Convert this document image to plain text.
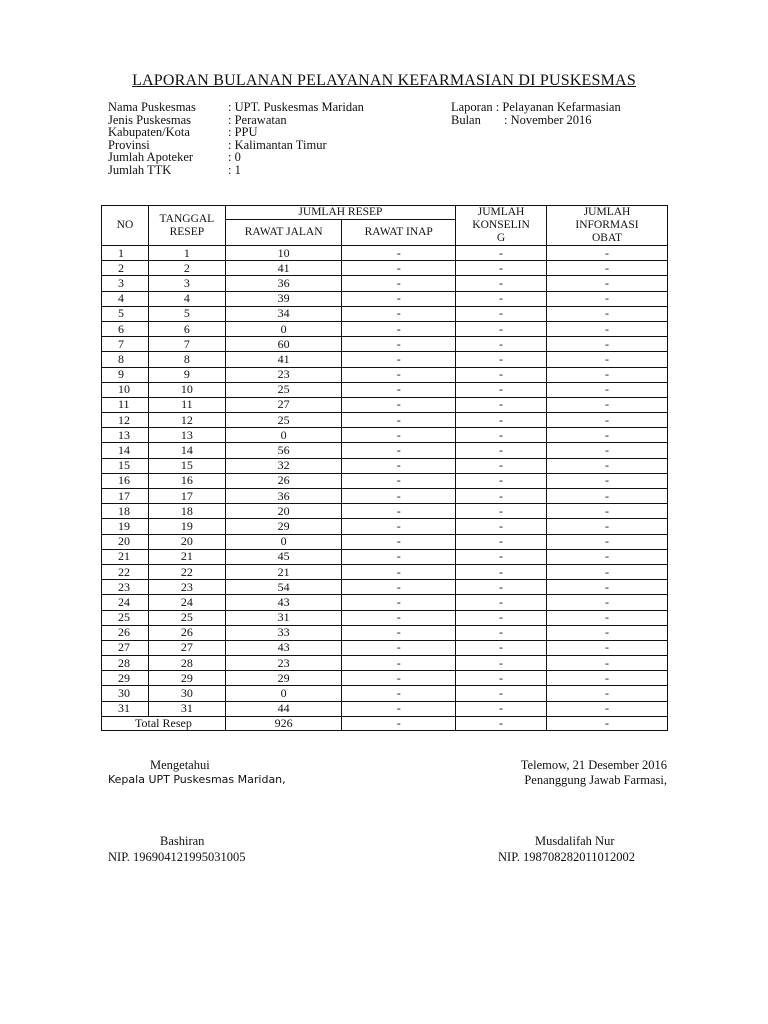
LAPORAN BULANAN PELAYANAN KEFARMASIAN DI PUSKESMAS
Nama Puskesmas	: UPT. Puskesmas Maridan
Jenis Puskesmas	: Perawatan
Kabupaten/Kota	: PPU
Provinsi	: Kalimantan Timur
Jumlah Apoteker	: 0
Jumlah TTK	: 1
Laporan : Pelayanan Kefarmasian
Bulan : November 2016
NO	TANGGAL RESEP	JUMLAH RESEP		JUMLAH KONSELIN G	JUMLAH INFORMASI OBAT
		RAWAT JALAN	RAWAT INAP		
1	1	10	-	-	-
2	2	41	-	-	-
3	3	36	-	-	-
4	4	39	-	-	-
5	5	34	-	-	-
6	6	0	-	-	-
7	7	60	-	-	-
8	8	41	-	-	-
9	9	23	-	-	-
10	10	25	-	-	-
11	11	27	-	-	-
12	12	25	-	-	-
13	13	0	-	-	-
14	14	56	-	-	-
15	15	32	-	-	-
16	16	26	-	-	-
17	17	36	-	-	-
18	18	20	-	-	-
19	19	29	-	-	-
20	20	0	-	-	-
21	21	45	-	-	-
22	22	21	-	-	-
23	23	54	-	-	-
24	24	43	-	-	-
25	25	31	-	-	-
26	26	33	-	-	-
27	27	43	-	-	-
28	28	23	-	-	-
29	29	29	-	-	-
30	30	0	-	-	-
31	31	44	-	-	-
Total Resep		926	-	-	-
Mengetahui
Kepala UPT Puskesmas Maridan,
Bashiran
NIP. 196904121995031005
Telemow, 21 Desember 2016
Penanggung Jawab Farmasi,
Musdalifah Nur
NIP. 198708282011012002
